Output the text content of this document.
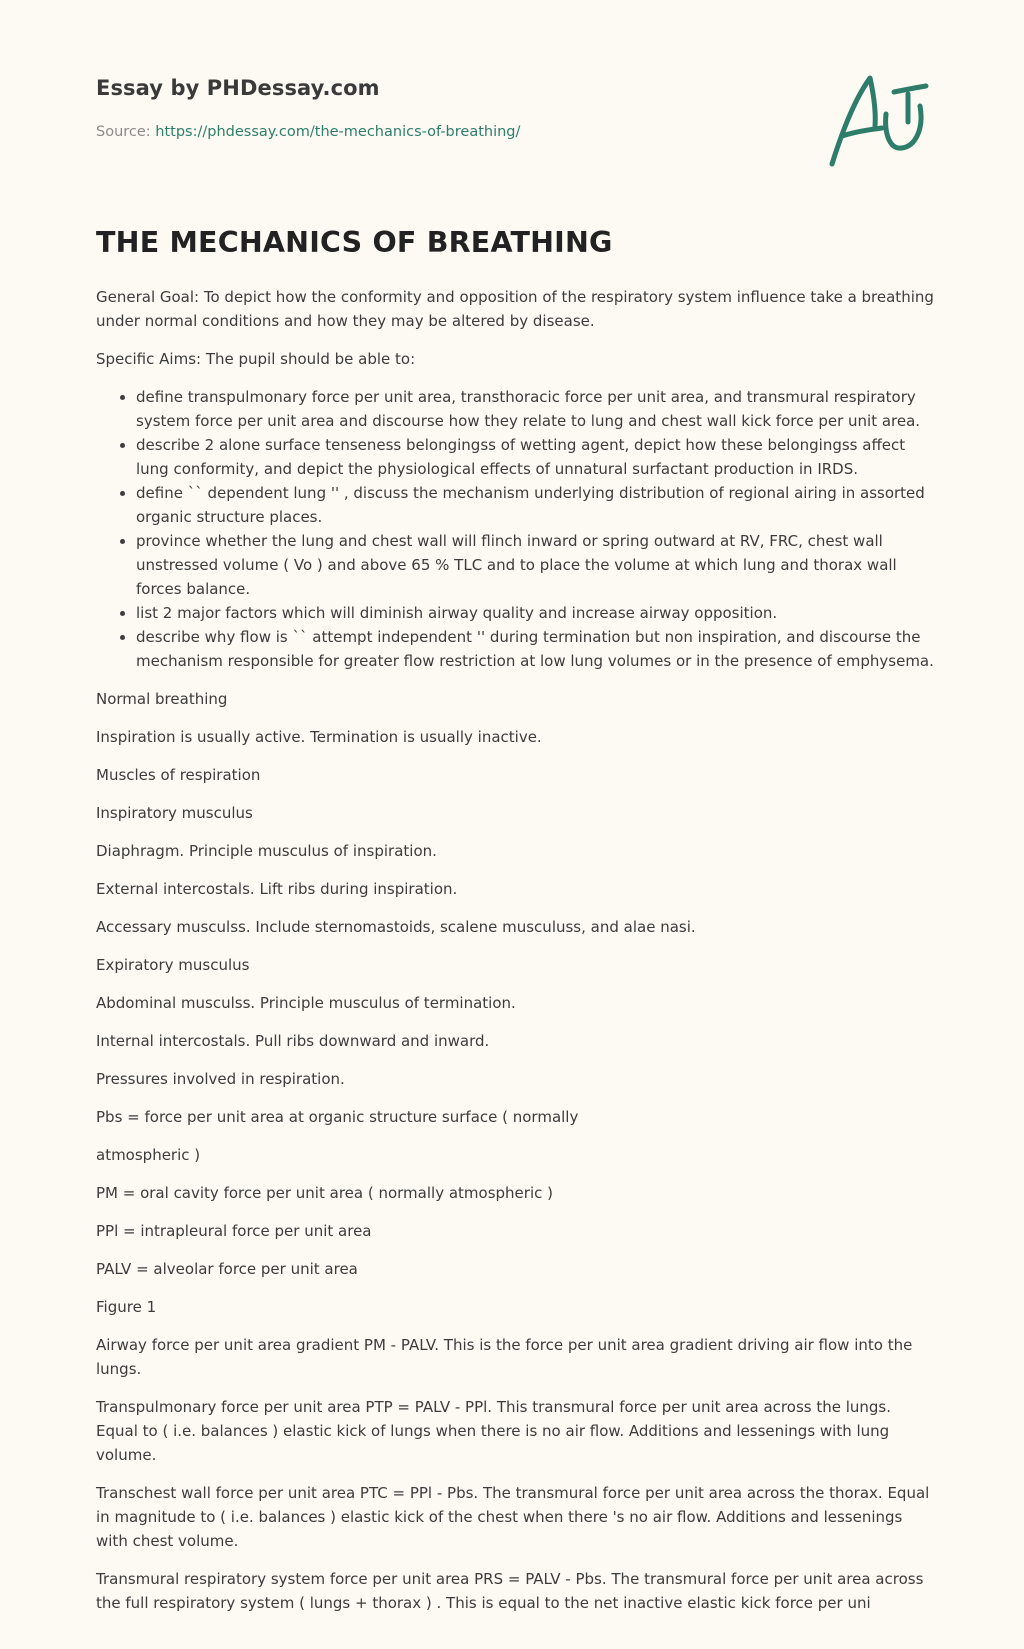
Essay by PHDessay.com
Source: https://phdessay.com/the-mechanics-of-breathing/
THE MECHANICS OF BREATHING

General Goal: To depict how the conformity and opposition of the respiratory system influence take a breathing under normal conditions and how they may be altered by disease.

Specific Aims: The pupil should be able to:

• define transpulmonary force per unit area, transthoracic force per unit area, and transmural respiratory system force per unit area and discourse how they relate to lung and chest wall kick force per unit area.
• describe 2 alone surface tenseness belongingss of wetting agent, depict how these belongingss affect lung conformity, and depict the physiological effects of unnatural surfactant production in IRDS.
• define `` dependent lung '' , discuss the mechanism underlying distribution of regional airing in assorted organic structure places.
• province whether the lung and chest wall will flinch inward or spring outward at RV, FRC, chest wall unstressed volume ( Vo ) and above 65 % TLC and to place the volume at which lung and thorax wall forces balance.
• list 2 major factors which will diminish airway quality and increase airway opposition.
• describe why flow is `` attempt independent '' during termination but non inspiration, and discourse the mechanism responsible for greater flow restriction at low lung volumes or in the presence of emphysema.

Normal breathing

Inspiration is usually active. Termination is usually inactive.

Muscles of respiration

Inspiratory musculus

Diaphragm. Principle musculus of inspiration.

External intercostals. Lift ribs during inspiration.

Accessary musculss. Include sternomastoids, scalene musculuss, and alae nasi.

Expiratory musculus

Abdominal musculss. Principle musculus of termination.

Internal intercostals. Pull ribs downward and inward.

Pressures involved in respiration.

Pbs = force per unit area at organic structure surface ( normally

atmospheric )

PM = oral cavity force per unit area ( normally atmospheric )

PPl = intrapleural force per unit area

PALV = alveolar force per unit area

Figure 1

Airway force per unit area gradient PM - PALV. This is the force per unit area gradient driving air flow into the lungs.

Transpulmonary force per unit area PTP = PALV - PPl. This transmural force per unit area across the lungs. Equal to ( i.e. balances ) elastic kick of lungs when there is no air flow. Additions and lessenings with lung volume.

Transchest wall force per unit area PTC = PPl - Pbs. The transmural force per unit area across the thorax. Equal in magnitude to ( i.e. balances ) elastic kick of the chest when there 's no air flow. Additions and lessenings with chest volume.

Transmural respiratory system force per unit area PRS = PALV - Pbs. The transmural force per unit area across the full respiratory system ( lungs + thorax ) . This is equal to the net inactive elastic kick force per uni
